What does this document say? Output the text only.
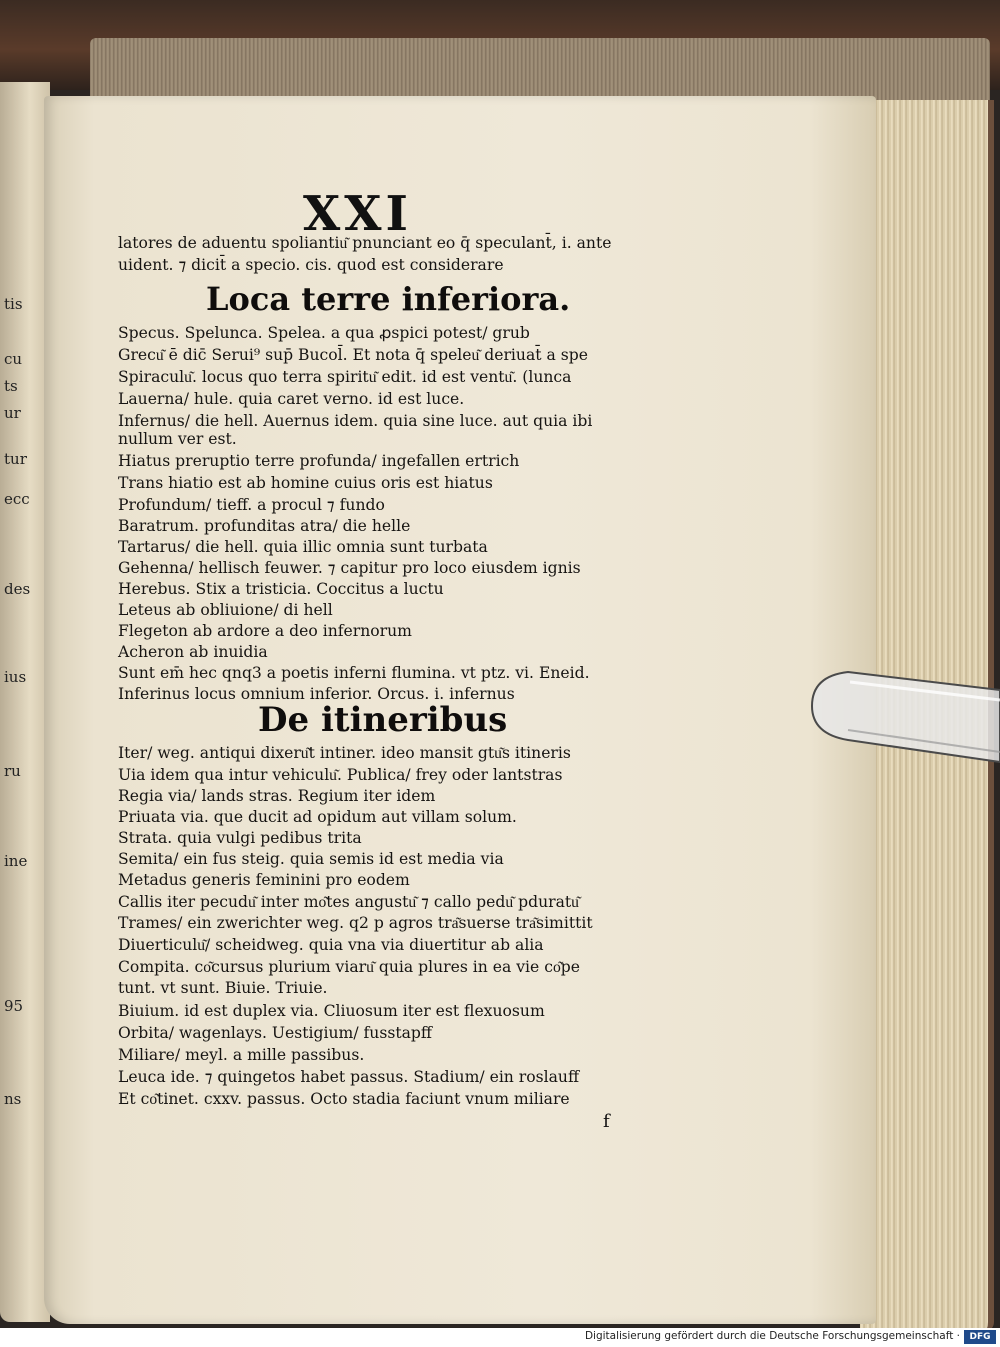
tis
cu
ts
ur
tur
ecc
des
ius
ru
ine
95
ns
XXI

latores de aduentu spoliantiu͂ pnunciant eo q̄ speculant̄, i. ante

uident. ⁊ dicit̄ a specio. cis. quod est considerare

Loca terre inferiora.

Specus. Spelunca. Spelea. a qua ꝓspici potest/ grub

Grecu͂ ē dic̄ Serui⁹ sup̄ Bucol̄. Et nota q̄ speleu͂ deriuat̄ a spe

Spiraculu͂. locus quo terra spiritu͂ edit. id est ventu͂. (lunca

Lauerna/ hule. quia caret verno. id est luce.

Infernus/ die hell. Auernus idem. quia sine luce. aut quia ibi

nullum ver est.

Hiatus preruptio terre profunda/ ingefallen ertrich

Trans hiatio est ab homine cuius oris est hiatus

Profundum/ tieff. a procul ⁊ fundo

Baratrum. profunditas atra/ die helle

Tartarus/ die hell. quia illic omnia sunt turbata

Gehenna/ hellisch feuwer. ⁊ capitur pro loco eiusdem ignis

Herebus. Stix a tristicia. Coccitus a luctu

Leteus ab obliuione/ di hell

Flegeton ab ardore a deo infernorum

Acheron ab inuidia

Sunt em̄ hec qnq3 a poetis inferni flumina. vt ptz. vi. Eneid.

Inferinus locus omnium inferior. Orcus. i. infernus

De itineribus

Iter/ weg. antiqui dixeru͂t intiner. ideo mansit gtu͂s itineris

Uia idem qua intur vehiculu͂. Publica/ frey oder lantstras

Regia via/ lands stras. Regium iter idem

Priuata via. que ducit ad opidum aut villam solum.

Strata. quia vulgi pedibus trita

Semita/ ein fus steig. quia semis id est media via

Metadus generis feminini pro eodem

Callis iter pecudu͂ inter mo͂tes angustu͂ ⁊ callo pedu͂ pduratu͂

Trames/ ein zwerichter weg. q2 p agros tra͂suerse tra͂simittit

Diuerticulu͂/ scheidweg. quia vna via diuertitur ab alia

Compita. co͂cursus plurium viaru͂ quia plures in ea vie co͂pe

tunt. vt sunt. Biuie. Triuie.

Biuium. id est duplex via. Cliuosum iter est flexuosum

Orbita/ wagenlays. Uestigium/ fusstapff

Miliare/ meyl. a mille passibus.

Leuca ide. ⁊ quingetos habet passus. Stadium/ ein roslauff

Et co͂tinet. cxxv. passus. Octo stadia faciunt vnum miliare

f
Digitalisierung gefördert durch die Deutsche Forschungsgemeinschaft ·	DFG
